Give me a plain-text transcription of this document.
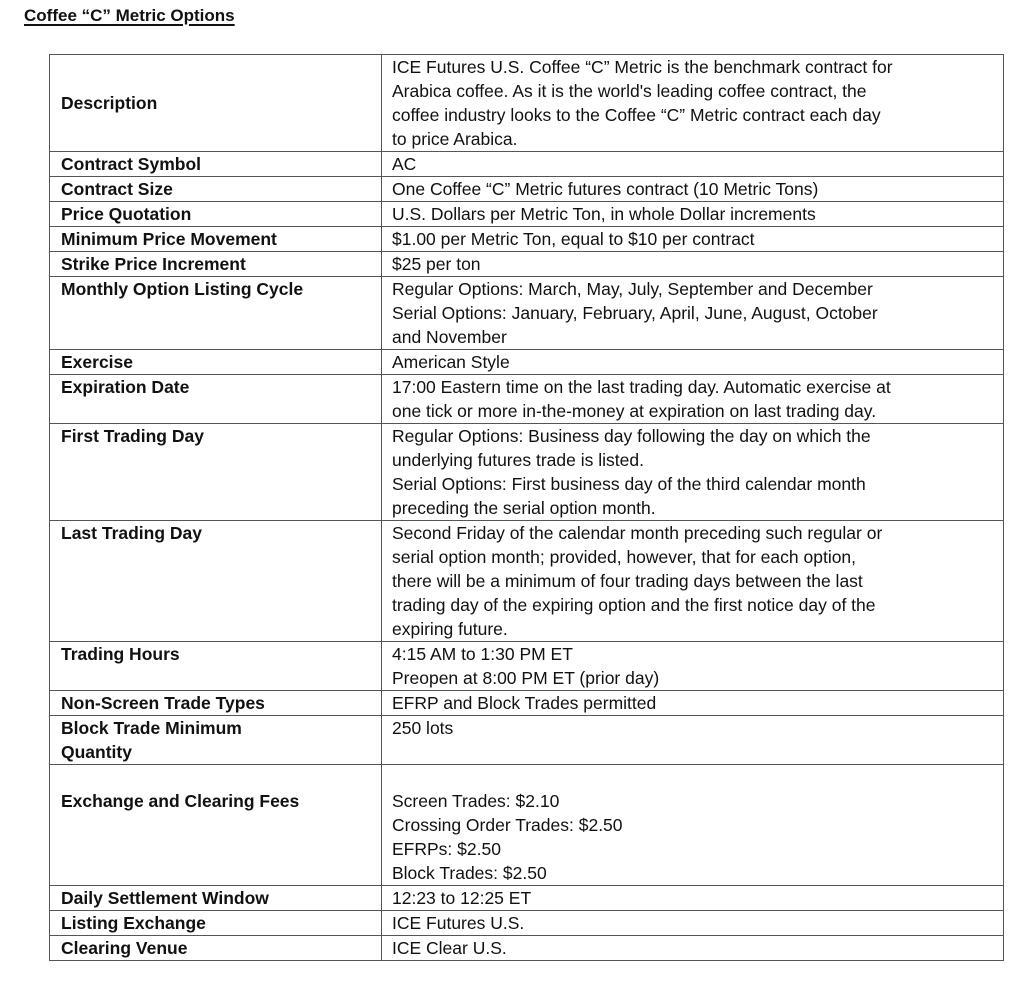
Coffee “C” Metric Options
Description	ICE Futures U.S. Coffee “C” Metric is the benchmark contract for
Arabica coffee. As it is the world's leading coffee contract, the
coffee industry looks to the Coffee “C” Metric contract each day
to price Arabica.

Contract Symbol	AC

Contract Size	One Coffee “C” Metric futures contract (10 Metric Tons)

Price Quotation	U.S. Dollars per Metric Ton, in whole Dollar increments

Minimum Price Movement	$1.00 per Metric Ton, equal to $10 per contract

Strike Price Increment	$25 per ton

Monthly Option Listing Cycle	Regular Options: March, May, July, September and December
Serial Options: January, February, April, June, August, October
and November

Exercise	American Style

Expiration Date	17:00 Eastern time on the last trading day. Automatic exercise at
one tick or more in-the-money at expiration on last trading day.

First Trading Day	Regular Options: Business day following the day on which the
underlying futures trade is listed.
Serial Options: First business day of the third calendar month
preceding the serial option month.

Last Trading Day	Second Friday of the calendar month preceding such regular or
serial option month; provided, however, that for each option,
there will be a minimum of four trading days between the last
trading day of the expiring option and the first notice day of the
expiring future.

Trading Hours	4:15 AM to 1:30 PM ET
Preopen at 8:00 PM ET (prior day)

Non-Screen Trade Types	EFRP and Block Trades permitted

Block Trade Minimum
Quantity	250 lots

Exchange and Clearing Fees	Screen Trades: $2.10
Crossing Order Trades: $2.50
EFRPs: $2.50
Block Trades: $2.50

Daily Settlement Window	12:23 to 12:25 ET

Listing Exchange	ICE Futures U.S.

Clearing Venue	ICE Clear U.S.
